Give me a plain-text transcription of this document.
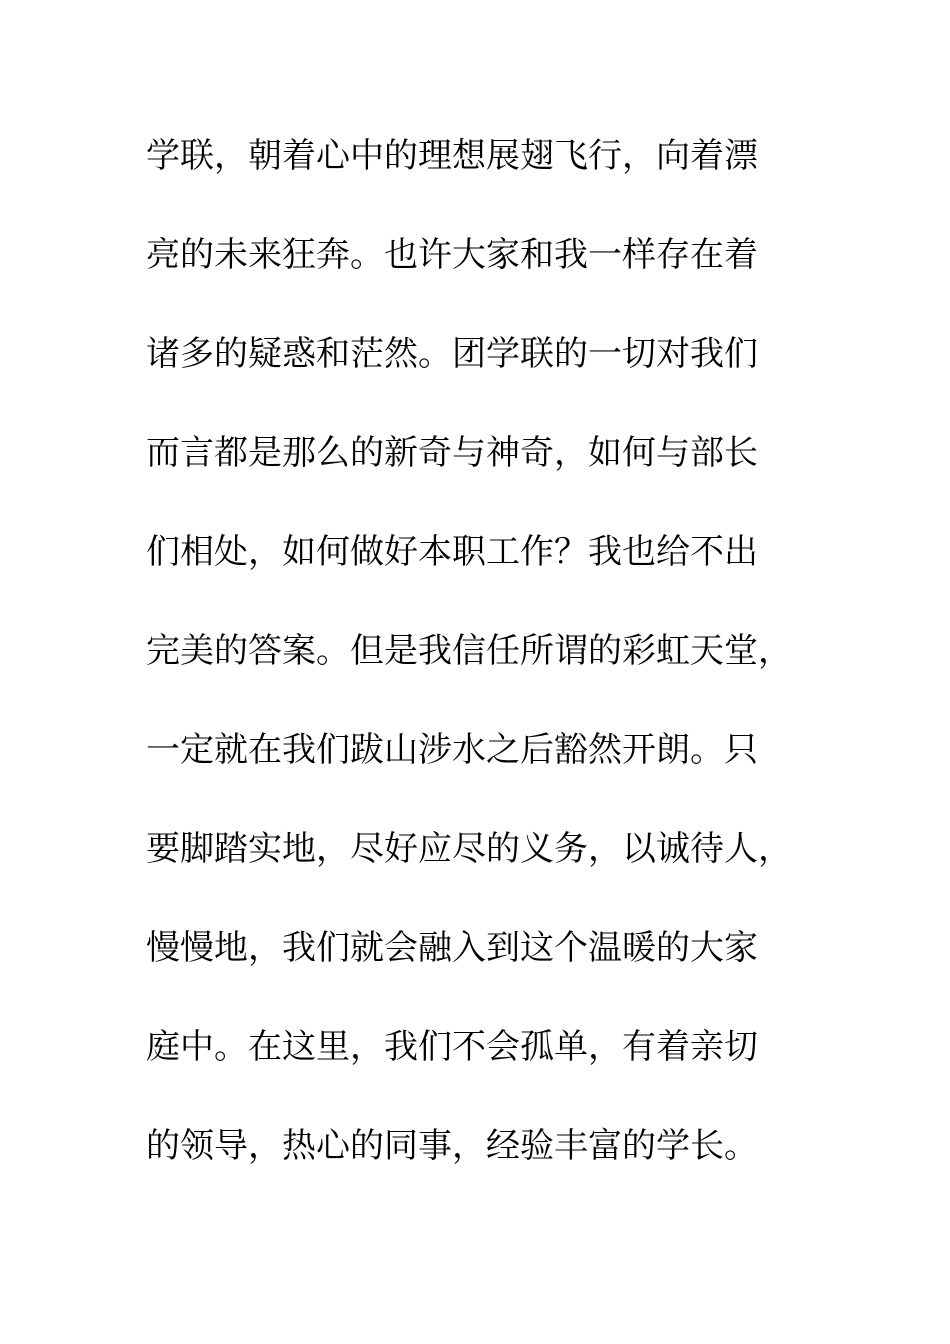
学联，朝着心中的理想展翅飞行，向着漂
亮的未来狂奔。也许大家和我一样存在着
诸多的疑惑和茫然。团学联的一切对我们
而言都是那么的新奇与神奇，如何与部长
们相处，如何做好本职工作？我也给不出
完美的答案。但是我信任所谓的彩虹天堂，
一定就在我们跋山涉水之后豁然开朗。只
要脚踏实地，尽好应尽的义务，以诚待人，
慢慢地，我们就会融入到这个温暖的大家
庭中。在这里，我们不会孤单，有着亲切
的领导，热心的同事，经验丰富的学长。
